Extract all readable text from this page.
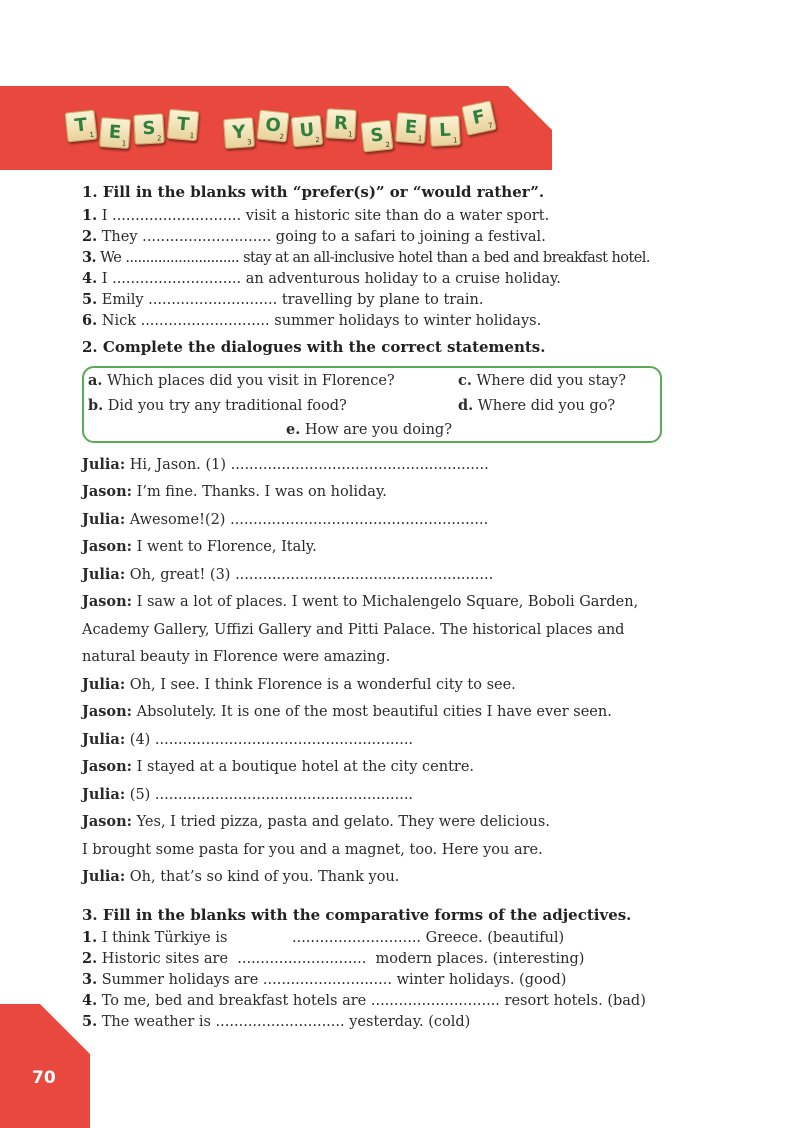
T 1 E
1
S 2
T
1	Y 3
O
2 U 2
R
1 S 2
E
1 L 1
F 7
1. Fill in the blanks with “prefer(s)” or “would rather”.
1. I ............................ visit a historic site than do a water sport.
2. They ............................ going to a safari to joining a festival.
3. We ............................ stay at an all-inclusive hotel than a bed and breakfast hotel.
4. I ............................ an adventurous holiday to a cruise holiday.
5. Emily ............................ travelling by plane to train.
6. Nick ............................ summer holidays to winter holidays.
2. Complete the dialogues with the correct statements.
a. Which places did you visit in Florence?	c. Where did you stay?
b. Did you try any traditional food?	d. Where did you go?
e. How are you doing?
Julia: Hi, Jason. (1) ........................................................
Jason: I’m fine. Thanks. I was on holiday.
Julia: Awesome!(2) ........................................................
Jason: I went to Florence, Italy.
Julia: Oh, great! (3) ........................................................
Jason: I saw a lot of places. I went to Michalengelo Square, Boboli Garden,
Academy Gallery, Uffizi Gallery and Pitti Palace. The historical places and
natural beauty in Florence were amazing.
Julia: Oh, I see. I think Florence is a wonderful city to see.
Jason: Absolutely. It is one of the most beautiful cities I have ever seen.
Julia: (4) ........................................................
Jason: I stayed at a boutique hotel at the city centre.
Julia: (5) ........................................................
Jason: Yes, I tried pizza, pasta and gelato. They were delicious.
I brought some pasta for you and a magnet, too. Here you are.
Julia: Oh, that’s so kind of you. Thank you.
3. Fill in the blanks with the comparative forms of the adjectives.
1. I think Türkiye is              ............................ Greece. (beautiful)
2. Historic sites are  ............................  modern places. (interesting)
3. Summer holidays are ............................ winter holidays. (good)
4. To me, bed and breakfast hotels are ............................ resort hotels. (bad)
5. The weather is ............................ yesterday. (cold)
70
